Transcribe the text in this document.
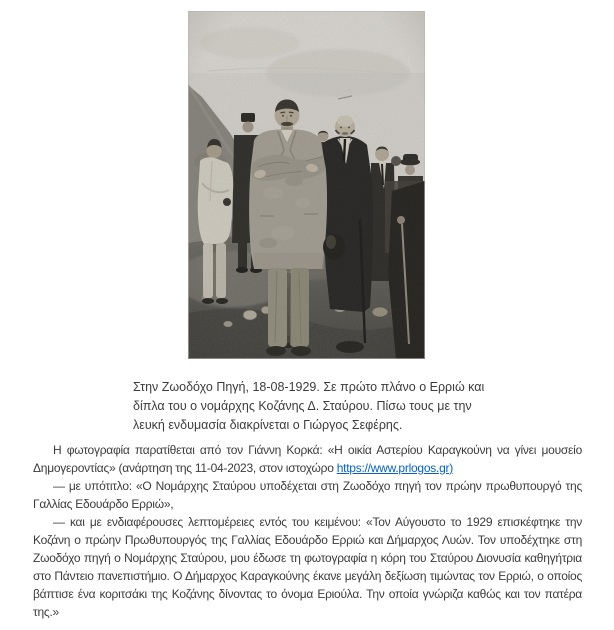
Στην Ζωοδόχο Πηγή, 18-08-1929. Σε πρώτο πλάνο ο Ερριώ και
δίπλα του ο νομάρχης Κοζάνης Δ. Σταύρου. Πίσω τους με την
λευκή ενδυμασία διακρίνεται ο Γιώργος Σεφέρης.

Η φωτογραφία παρατίθεται από τον Γιάννη Κορκά: «Η οικία Αστερίου Καραγκούνη να γίνει μουσείο Δημογεροντίας» (ανάρτηση της 11-04-2023, στον ιστοχώρο https://www.prlogos.gr)

— με υπότιτλο: «Ο Νομάρχης Σταύρου υποδέχεται στη Ζωοδόχο πηγή τον πρώην πρωθυπουργό της Γαλλίας Εδουάρδο Ερριώ»,

— και με ενδιαφέρουσες λεπτομέρειες εντός του κειμένου: «Τον Αύγουστο το 1929 επισκέφτηκε την Κοζάνη ο πρώην Πρωθυπουργός της Γαλλίας Εδουάρδο Ερριώ και Δήμαρχος Λυών. Τον υποδέχτηκε στη Ζωοδόχο πηγή ο Νομάρχης Σταύρου, μου έδωσε τη φωτογραφία η κόρη του Σταύρου Διονυσία καθηγήτρια στο Πάντειο πανεπιστήμιο. Ο Δήμαρχος Καραγκούνης έκανε μεγάλη δεξίωση τιμώντας τον Ερριώ, ο οποίος βάπτισε ένα κοριτσάκι της Κοζάνης δίνοντας το όνομα Εριούλα. Την οποία γνώριζα καθώς και τον πατέρα της.»
